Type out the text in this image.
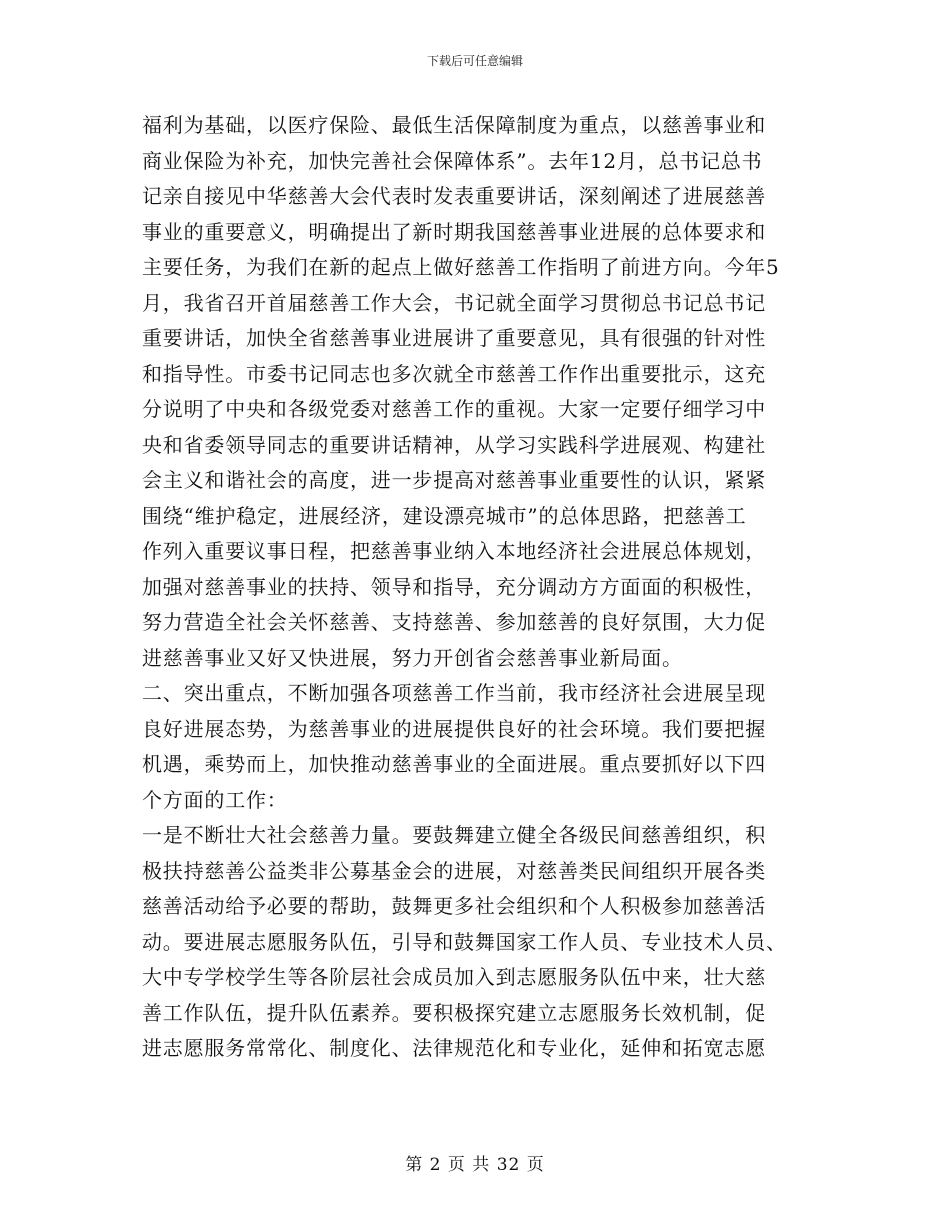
下载后可任意编辑
福利为基础，以医疗保险、最低生活保障制度为重点，以慈善事业和
商业保险为补充，加快完善社会保障体系”。去年12月，总书记总书
记亲自接见中华慈善大会代表时发表重要讲话，深刻阐述了进展慈善
事业的重要意义，明确提出了新时期我国慈善事业进展的总体要求和
主要任务，为我们在新的起点上做好慈善工作指明了前进方向。今年5
月，我省召开首届慈善工作大会，书记就全面学习贯彻总书记总书记
重要讲话，加快全省慈善事业进展讲了重要意见，具有很强的针对性
和指导性。市委书记同志也多次就全市慈善工作作出重要批示，这充
分说明了中央和各级党委对慈善工作的重视。大家一定要仔细学习中
央和省委领导同志的重要讲话精神，从学习实践科学进展观、构建社
会主义和谐社会的高度，进一步提高对慈善事业重要性的认识，紧紧
围绕“维护稳定，进展经济，建设漂亮城市”的总体思路，把慈善工
作列入重要议事日程，把慈善事业纳入本地经济社会进展总体规划，
加强对慈善事业的扶持、领导和指导，充分调动方方面面的积极性，
努力营造全社会关怀慈善、支持慈善、参加慈善的良好氛围，大力促
进慈善事业又好又快进展，努力开创省会慈善事业新局面。
二、突出重点，不断加强各项慈善工作当前，我市经济社会进展呈现
良好进展态势，为慈善事业的进展提供良好的社会环境。我们要把握
机遇，乘势而上，加快推动慈善事业的全面进展。重点要抓好以下四
个方面的工作：
一是不断壮大社会慈善力量。要鼓舞建立健全各级民间慈善组织，积
极扶持慈善公益类非公募基金会的进展，对慈善类民间组织开展各类
慈善活动给予必要的帮助，鼓舞更多社会组织和个人积极参加慈善活
动。要进展志愿服务队伍，引导和鼓舞国家工作人员、专业技术人员、
大中专学校学生等各阶层社会成员加入到志愿服务队伍中来，壮大慈
善工作队伍，提升队伍素养。要积极探究建立志愿服务长效机制，促
进志愿服务常常化、制度化、法律规范化和专业化，延伸和拓宽志愿
第 2 页 共 32 页
